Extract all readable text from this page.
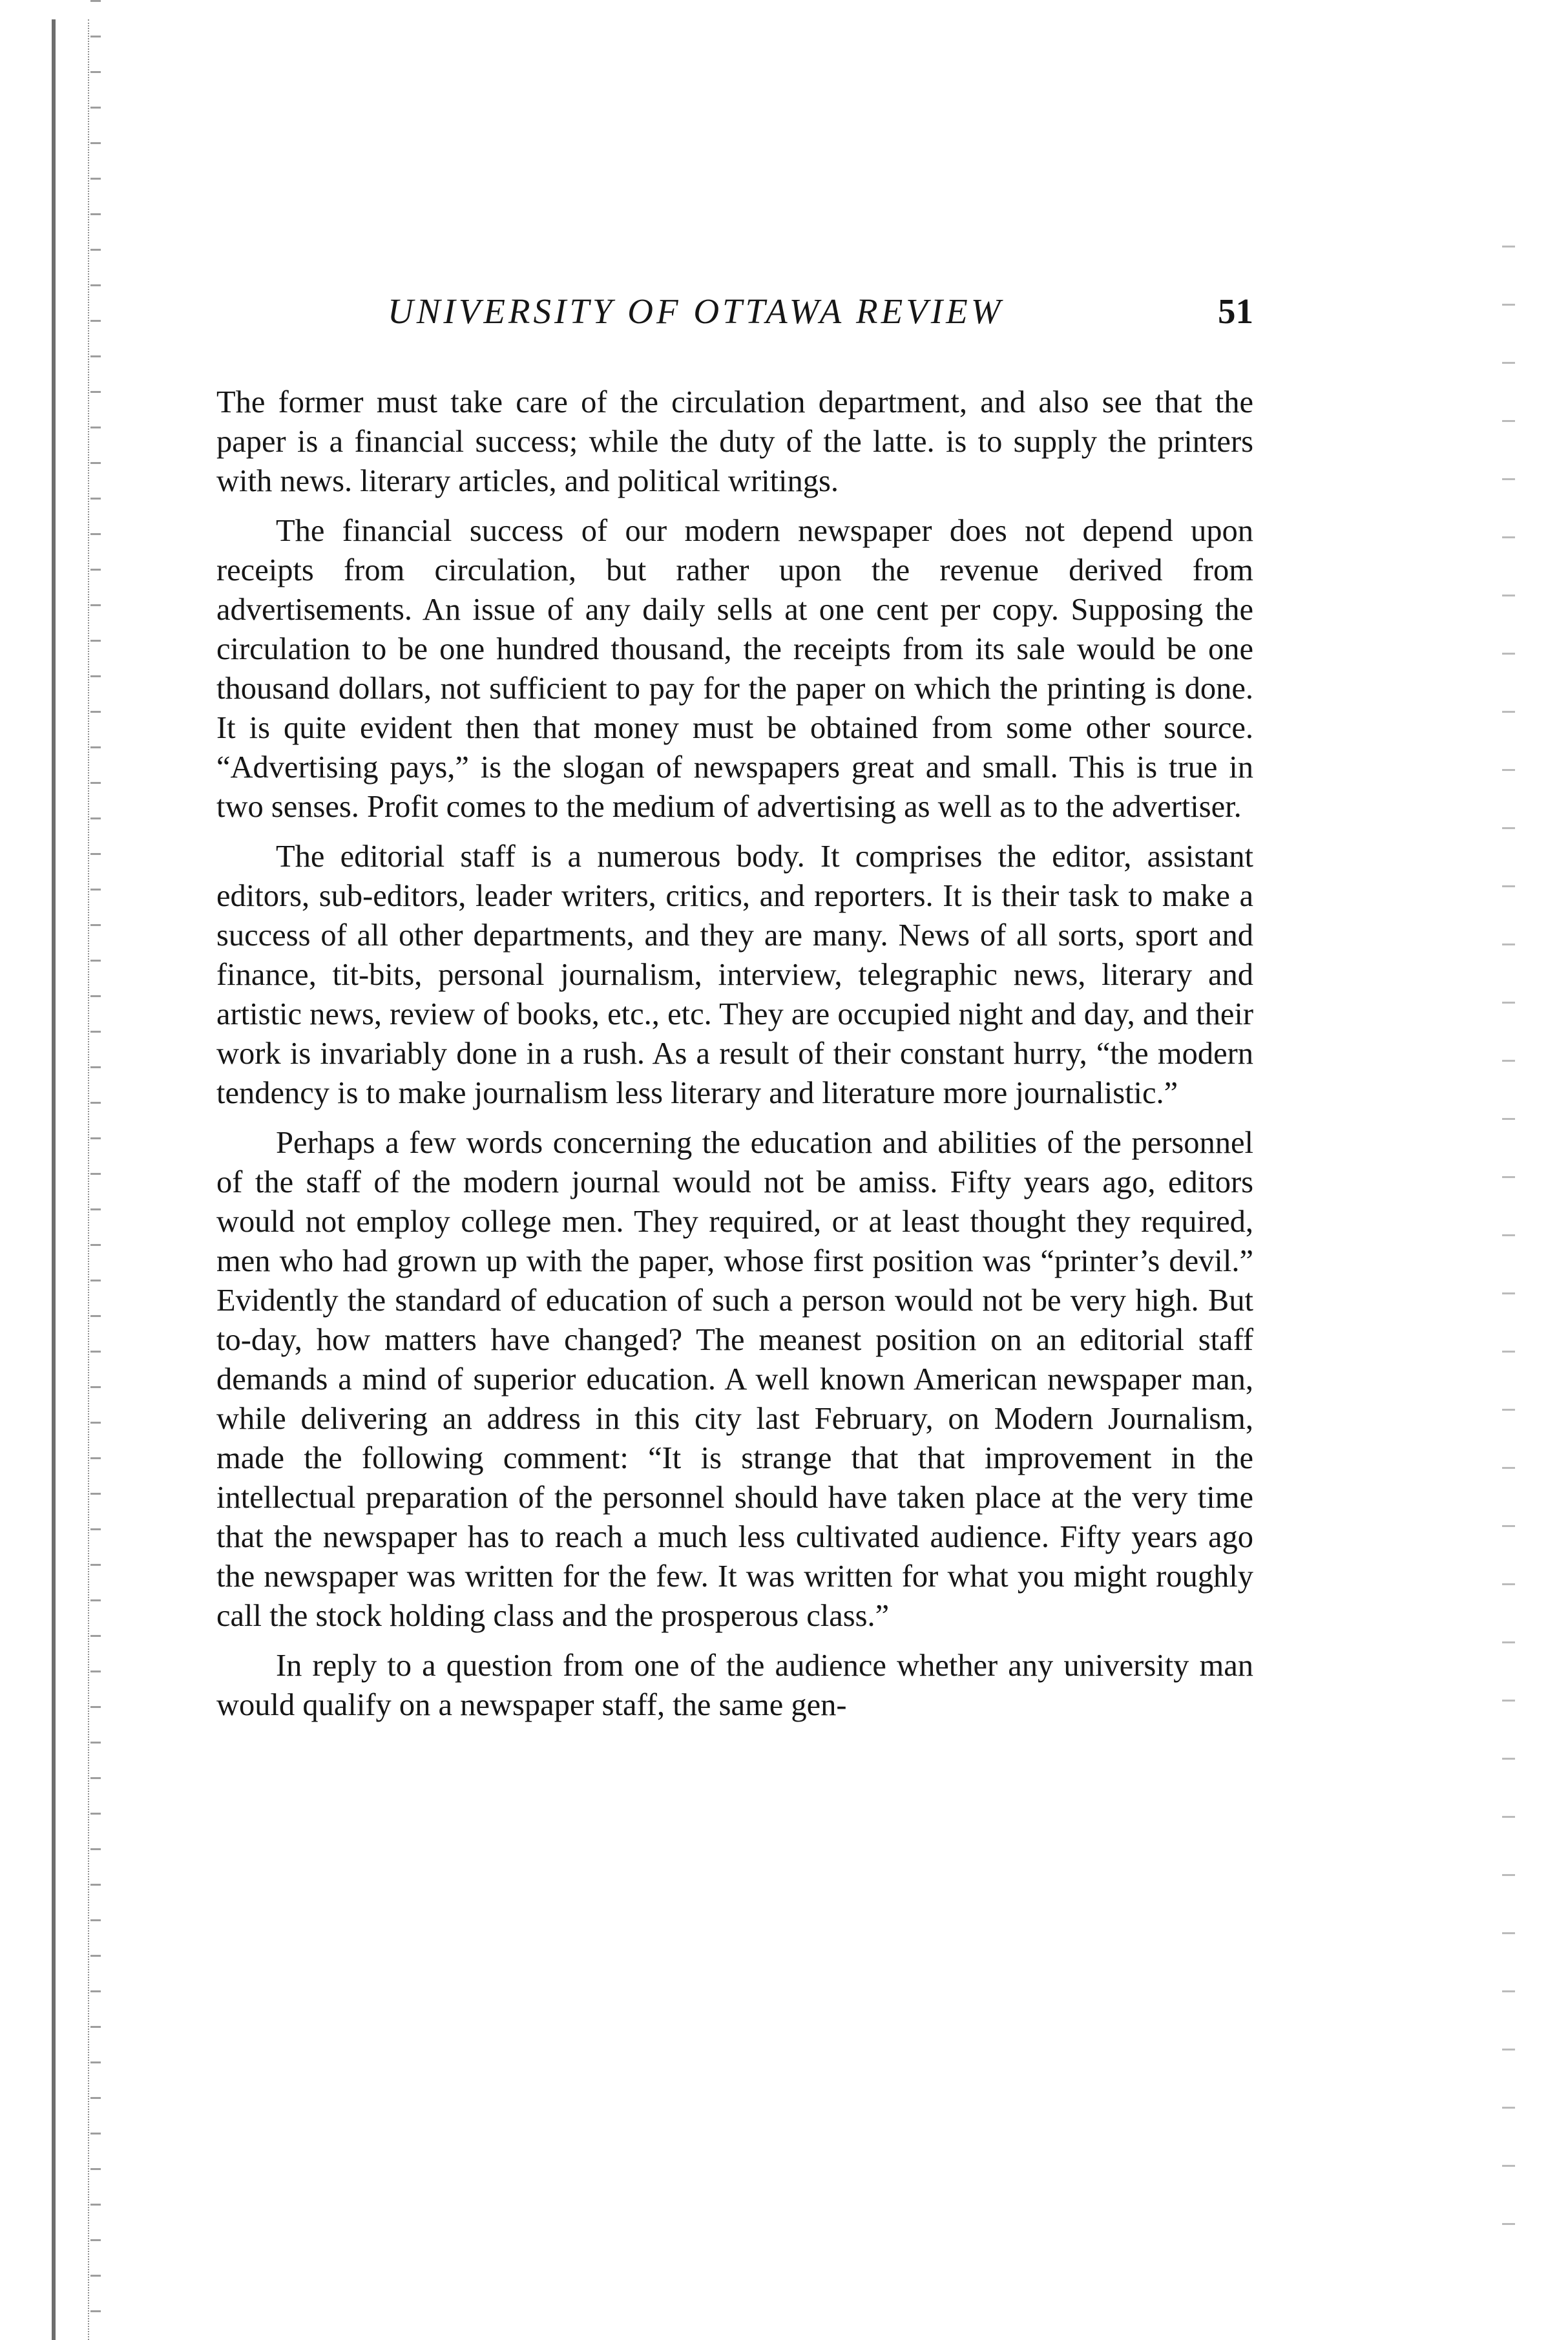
UNIVERSITY OF OTTAWA REVIEW	51

The former must take care of the circulation department, and also see that the paper is a financial success; while the duty of the latte. is to supply the printers with news. literary articles, and political writings.

The financial success of our modern newspaper does not depend upon receipts from circulation, but rather upon the revenue derived from advertisements. An issue of any daily sells at one cent per copy. Supposing the circulation to be one hundred thousand, the receipts from its sale would be one thousand dollars, not sufficient to pay for the paper on which the printing is done. It is quite evident then that money must be obtained from some other source. “Advertising pays,” is the slogan of newspapers great and small. This is true in two senses. Profit comes to the medium of advertising as well as to the advertiser.

The editorial staff is a numerous body. It comprises the editor, assistant editors, sub-editors, leader writers, critics, and reporters. It is their task to make a success of all other departments, and they are many. News of all sorts, sport and finance, tit-bits, personal journalism, interview, telegraphic news, literary and artistic news, review of books, etc., etc. They are occupied night and day, and their work is invariably done in a rush. As a result of their constant hurry, “the modern tendency is to make journalism less literary and literature more journalistic.”

Perhaps a few words concerning the education and abilities of the personnel of the staff of the modern journal would not be amiss. Fifty years ago, editors would not employ college men. They required, or at least thought they required, men who had grown up with the paper, whose first position was “printer’s devil.” Evidently the standard of education of such a person would not be very high. But to-day, how matters have changed? The meanest position on an editorial staff demands a mind of superior education. A well known American newspaper man, while delivering an address in this city last February, on Modern Journalism, made the following comment: “It is strange that that improvement in the intellectual preparation of the personnel should have taken place at the very time that the newspaper has to reach a much less cultivated audience. Fifty years ago the newspaper was written for the few. It was written for what you might roughly call the stock holding class and the prosperous class.”

In reply to a question from one of the audience whether any university man would qualify on a newspaper staff, the same gen-
